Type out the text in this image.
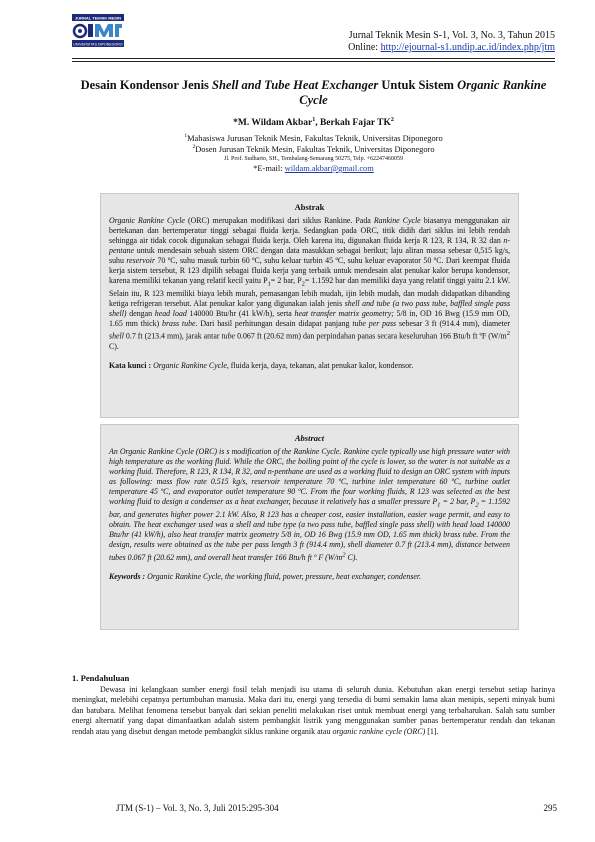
JURNAL TEKNIK MESIN
UNIVERSITAS DIPONEGORO
Jurnal Teknik Mesin S-1, Vol. 3, No. 3, Tahun 2015
Online: http://ejournal-s1.undip.ac.id/index.php/jtm
Desain Kondensor Jenis Shell and Tube Heat Exchanger Untuk Sistem Organic Rankine Cycle
*M. Wildam Akbar$^1$, Berkah Fajar $TK^2$
$^1$Mahasiswa Jurusan Teknik Mesin, Fakultas Teknik, Universitas Diponegoro
$^2$Dosen Jurusan Teknik Mesin, Fakultas Teknik, Universitas Diponegoro
Jl. Prof. Sudharto, SH., Tembalang-Semarang 50275, Telp. +62247460059
*E-mail: wildam.akbar@gmail.com
Abstrak

Organic Rankine Cycle (ORC) merupakan modifikasi dari siklus Rankine. Pada Rankine Cycle biasanya menggunakan air bertekanan dan bertemperatur tinggi sebagai fluida kerja. Sedangkan pada ORC, titik didih dari siklus ini lebih rendah sehingga air tidak cocok digunakan sebagai fluida kerja. Oleh karena itu, digunakan fluida kerja R 123, R 134, R 32 dan n-pentane untuk mendesain sebuah sistem ORC dengan data masukkan sebagai berikut; laju aliran massa sebesar 0,515 kg/s, suhu reservoir 70 ºC, suhu masuk turbin 60 ºC, suhu keluar turbin 45 ºC, suhu keluar evaporator 50 ºC. Dari keempat fluida kerja sistem tersebut, R 123 dipilih sebagai fluida kerja yang terbaik untuk mendesain alat penukar kalor berupa kondensor, karena memiliki tekanan yang relatif kecil yaitu $P_1= 2$ bar, $P_2= 1.1592$ bar dan memiliki daya yang relatif tinggi yaitu 2.1 kW. Selain itu, R 123 memiliki biaya lebih murah, pemasangan lebih mudah, ijin lebih mudah, dan mudah didapatkan dibanding ketiga refrigeran tersebut. Alat penukar kalor yang digunakan ialah jenis shell and tube (a two pass tube, baffled single pass shell) dengan head load 140000 Btu/hr (41 kW/h), serta heat transfer matrix geometry; 5/8 in, OD 16 Bwg (15.9 mm OD, 1.65 mm thick) brass tube. Dari hasil perhitungan desain didapat panjang tube per pass sebesar 3 ft (914.4 mm), diameter shell 0.7 ft (213.4 mm), jarak antar tube 0.067 ft (20.62 mm) dan perpindahan panas secara keseluruhan 166 Btu/h ft ºF ($W/m^2$ C).

Kata kunci : Organic Rankine Cycle, fluida kerja, daya, tekanan, alat penukar kalor, kondensor.

Abstract

An Organic Rankine Cycle (ORC) is s modification of the Rankine Cycle. Rankine cycle typically use high pressure water with high temperature as the working fluid. While the ORC, the boiling point of the cycle is lower, so the water is not suitable as a working fluid. Therefore, R 123, R 134, R 32, and n-penthane are used as a working fluid to design an ORC system with inputs as following: mass flow rate 0.515 kg/s, reservoir temperature 70 ºC, turbine inlet temperature 60 ºC, turbine outlet temperature 45 ºC, and evaporator outlet temperature 90 ºC. From the four working fluids, R 123 was selected as the best working fluid to design a condenser as a heat exchanger, because it relatively has a smaller pressure $P_1 = 2$ bar, $P_2 = 1.1592$ bar, and generates higher power 2.1 kW. Also, R 123 has a cheaper cost, easier installation, easier wage permit, and easy to obtain. The heat exchanger used was a shell and tube type (a two pass tube, baffled single pass shell) with head load 140000 Btu/hr (41 kW/h), also heat transfer matrix geometry 5/8 in, OD 16 Bwg (15.9 mm OD, 1.65 mm thick) brass tube. From the design, results were obtained as the tube per pass length 3 ft (914.4 mm), shell diameter 0.7 ft (213.4 mm), distance between tubes 0.067 ft (20.62 mm), and overall heat transfer 166 Btu/h ft º F ($W/m^2$ C).

Keywords : Organic Rankine Cycle, the working fluid, power, pressure, heat exchanger, condenser.

1. Pendahuluan
Dewasa ini kelangkaan sumber energi fosil telah menjadi isu utama di seluruh dunia. Kebutuhan akan energi tersebut setiap harinya meningkat, melebihi cepatnya pertumbuhan manusia. Maka dari itu, energi yang tersedia di bumi semakin lama akan menipis, seperti minyak bumi dan batubara. Melihat fenomena tersebut banyak dari sekian peneliti melakukan riset untuk membuat energi yang terbaharukan. Salah satu sumber energi alternatif yang dapat dimanfaatkan adalah sistem pembangkit listrik yang menggunakan sumber panas bertemperatur rendah dan tekanan rendah atau yang disebut dengan metode pembangkit siklus rankine organik atau organic rankine cycle (ORC) [1].
JTM (S-1) – Vol. 3, No. 3, Juli 2015:295-304	295
